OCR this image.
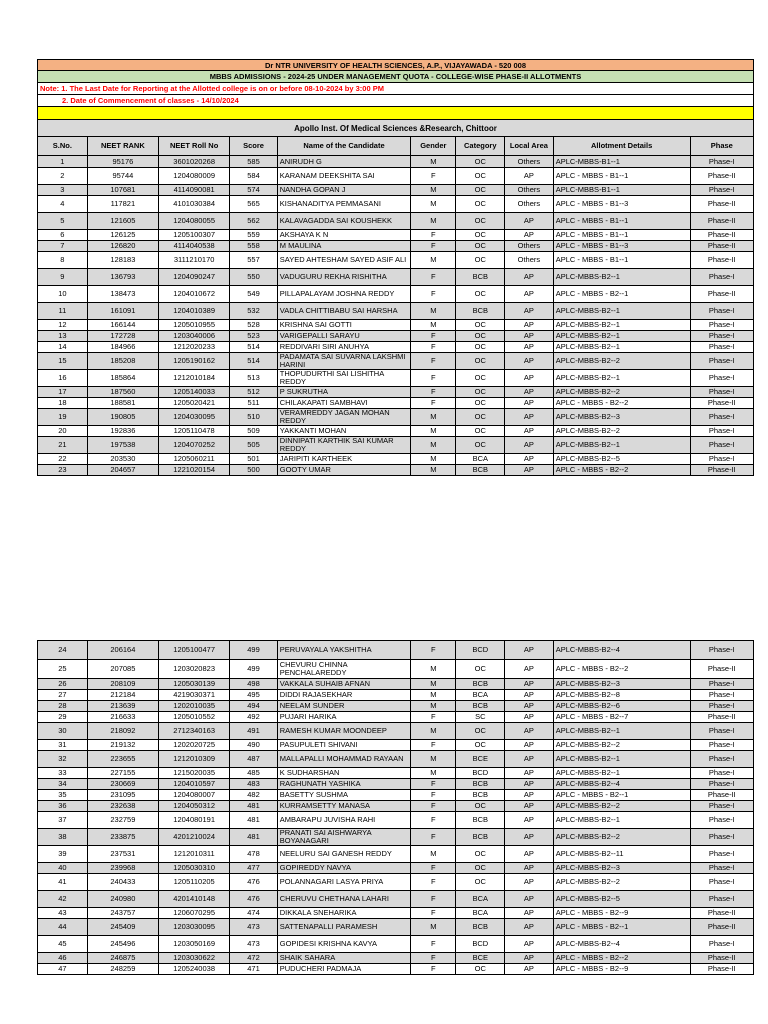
Dr NTR UNIVERSITY OF HEALTH SCIENCES, A.P., VIJAYAWADA - 520 008
MBBS ADMISSIONS - 2024-25 UNDER MANAGEMENT QUOTA - COLLEGE-WISE PHASE-II ALLOTMENTS
Note: 1. The Last Date for Reporting at the Allotted college is on or before 08-10-2024 by 3:00 PM
2. Date of Commencement of classes - 14/10/2024
Apollo Inst. Of Medical Sciences &Research, Chittoor
S.No.	NEET RANK	NEET Roll No	Score	Name of the Candidate	Gender	Category	Local Area	Allotment Details	Phase
1	95176	3601020268	585	ANIRUDH G	M	OC	Others	APLC-MBBS-B1--1	Phase-I
2	95744	1204080009	584	KARANAM DEEKSHITA SAI	F	OC	AP	APLC - MBBS - B1--1	Phase-II
3	107681	4114090081	574	NANDHA GOPAN J	M	OC	Others	APLC-MBBS-B1--1	Phase-I
4	117821	4101030384	565	KISHANADITYA PEMMASANI	M	OC	Others	APLC - MBBS - B1--3	Phase-II
5	121605	1204080055	562	KALAVAGADDA SAI KOUSHEKK	M	OC	AP	APLC - MBBS - B1--1	Phase-II
6	126125	1205100307	559	AKSHAYA K N	F	OC	AP	APLC - MBBS - B1--1	Phase-II
7	126820	4114040538	558	M MAULINA	F	OC	Others	APLC - MBBS - B1--3	Phase-II
8	128183	3111210170	557	SAYED AHTESHAM SAYED ASIF ALI	M	OC	Others	APLC - MBBS - B1--1	Phase-II
9	136793	1204090247	550	VADUGURU REKHA RISHITHA	F	BCB	AP	APLC-MBBS-B2--1	Phase-I
10	138473	1204010672	549	PILLAPALAYAM JOSHNA REDDY	F	OC	AP	APLC - MBBS - B2--1	Phase-II
11	161091	1204010389	532	VADLA CHITTIBABU SAI HARSHA	M	BCB	AP	APLC-MBBS-B2--1	Phase-I
12	166144	1205010955	528	KRISHNA SAI GOTTI	M	OC	AP	APLC-MBBS-B2--1	Phase-I
13	172728	1203040006	523	VARIGEPALLI SARAYU	F	OC	AP	APLC-MBBS-B2--1	Phase-I
14	184966	1212020233	514	REDDIVARI SIRI ANUHYA	F	OC	AP	APLC-MBBS-B2--1	Phase-I
15	185208	1205190162	514	PADAMATA SAI SUVARNA LAKSHMI HARINI	F	OC	AP	APLC-MBBS-B2--2	Phase-I
16	185864	1212010184	513	THOPUDURTHI SAI LISHITHA REDDY	F	OC	AP	APLC-MBBS-B2--1	Phase-I
17	187560	1205140033	512	P SUKRUTHA	F	OC	AP	APLC-MBBS-B2--2	Phase-I
18	188581	1205020421	511	CHILAKAPATI SAMBHAVI	F	OC	AP	APLC - MBBS - B2--2	Phase-II
19	190805	1204030095	510	VERAMREDDY JAGAN MOHAN REDDY	M	OC	AP	APLC-MBBS-B2--3	Phase-I
20	192836	1205110478	509	YAKKANTI MOHAN	M	OC	AP	APLC-MBBS-B2--2	Phase-I
21	197538	1204070252	505	DINNIPATI KARTHIK SAI KUMAR REDDY	M	OC	AP	APLC-MBBS-B2--1	Phase-I
22	203530	1205060211	501	JARIPITI KARTHEEK	M	BCA	AP	APLC-MBBS-B2--5	Phase-I
23	204657	1221020154	500	GOOTY UMAR	M	BCB	AP	APLC - MBBS - B2--2	Phase-II
24	206164	1205100477	499	PERUVAYALA YAKSHITHA	F	BCD	AP	APLC-MBBS-B2--4	Phase-I
25	207085	1203020823	499	CHEVURU CHINNA PENCHALAREDDY	M	OC	AP	APLC - MBBS - B2--2	Phase-II
26	208109	1205030139	498	VAKKALA SUHAIB AFNAN	M	BCB	AP	APLC-MBBS-B2--3	Phase-I
27	212184	4219030371	495	DIDDI RAJASEKHAR	M	BCA	AP	APLC-MBBS-B2--8	Phase-I
28	213639	1202010035	494	NEELAM SUNDER	M	BCB	AP	APLC-MBBS-B2--6	Phase-I
29	216633	1205010552	492	PUJARI HARIKA	F	SC	AP	APLC - MBBS - B2--7	Phase-II
30	218092	2712340163	491	RAMESH KUMAR MOONDEEP	M	OC	AP	APLC-MBBS-B2--1	Phase-I
31	219132	1202020725	490	PASUPULETI SHIVANI	F	OC	AP	APLC-MBBS-B2--2	Phase-I
32	223655	1212010309	487	MALLAPALLI MOHAMMAD RAYAAN	M	BCE	AP	APLC-MBBS-B2--1	Phase-I
33	227155	1215020035	485	K SUDHARSHAN	M	BCD	AP	APLC-MBBS-B2--1	Phase-I
34	230669	1204010597	483	RAGHUNATH YASHIKA	F	BCB	AP	APLC-MBBS-B2--4	Phase-I
35	231095	1204080007	482	BASETTY SUSHMA	F	BCB	AP	APLC - MBBS - B2--1	Phase-II
36	232638	1204050312	481	KURRAMSETTY MANASA	F	OC	AP	APLC-MBBS-B2--2	Phase-I
37	232759	1204080191	481	AMBARAPU JUVISHA RAHI	F	BCB	AP	APLC-MBBS-B2--1	Phase-I
38	233875	4201210024	481	PRANATI SAI AISHWARYA BOYANAGARI	F	BCB	AP	APLC-MBBS-B2--2	Phase-I
39	237531	1212010311	478	NEELURU SAI GANESH REDDY	M	OC	AP	APLC-MBBS-B2--11	Phase-I
40	239968	1205030310	477	GOPIREDDY NAVYA	F	OC	AP	APLC-MBBS-B2--3	Phase-I
41	240433	1205110205	476	POLANNAGARI LASYA PRIYA	F	OC	AP	APLC-MBBS-B2--2	Phase-I
42	240980	4201410148	476	CHERUVU CHETHANA LAHARI	F	BCA	AP	APLC-MBBS-B2--5	Phase-I
43	243757	1206070295	474	DIKKALA SNEHARIKA	F	BCA	AP	APLC - MBBS - B2--9	Phase-II
44	245409	1203030095	473	SATTENAPALLI PARAMESH	M	BCB	AP	APLC - MBBS - B2--1	Phase-II
45	245496	1203050169	473	GOPIDESI KRISHNA KAVYA	F	BCD	AP	APLC-MBBS-B2--4	Phase-I
46	246875	1203030622	472	SHAIK SAHARA	F	BCE	AP	APLC - MBBS - B2--2	Phase-II
47	248259	1205240038	471	PUDUCHERI PADMAJA	F	OC	AP	APLC - MBBS - B2--9	Phase-II
